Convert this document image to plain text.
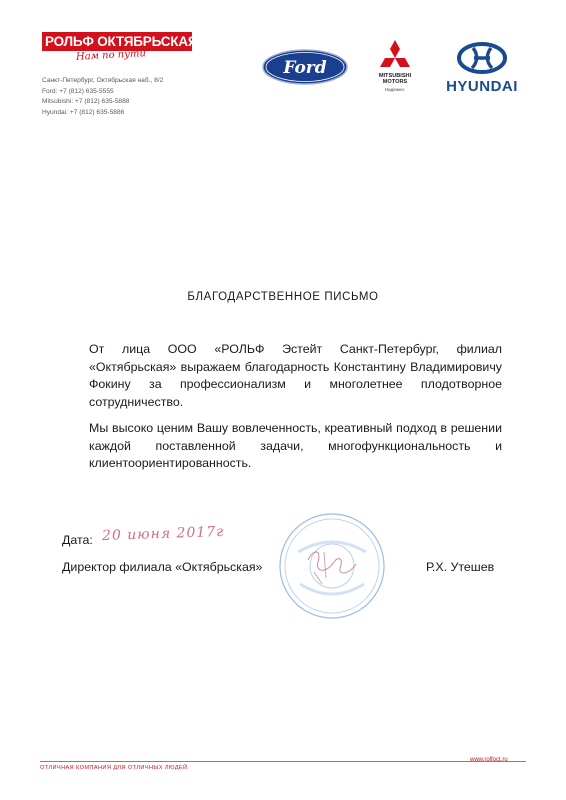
РОЛЬФ ОКТЯБРЬСКАЯ
Нам по пути
Санкт-Петербург, Октябрьская наб., 8/2
Ford: +7 (812) 635-5555
Mitsubishi: +7 (812) 635-5888
Hyundai: +7 (812) 635-5886
Ford	MITSUBISHI
MOTORS
Надежно.	HYUNDAI
БЛАГОДАРСТВЕННОЕ ПИСЬМО
От лица ООО «РОЛЬФ Эстейт Санкт-Петербург, филиал «Октябрьская» выражаем благодарность Константину Владимировичу Фокину за профессионализм и многолетнее плодотворное сотрудничество.
Мы высоко ценим Вашу вовлеченность, креативный подход в решении каждой поставленной задачи, многофункциональность и клиентоориентированность.
Дата: 20 июня 2017г
Директор филиала «Октябрьская»	Р.Х. Утешев
ОТЛИЧНАЯ КОМПАНИЯ ДЛЯ ОТЛИЧНЫХ ЛЮДЕЙ
www.rolfoct.ru
